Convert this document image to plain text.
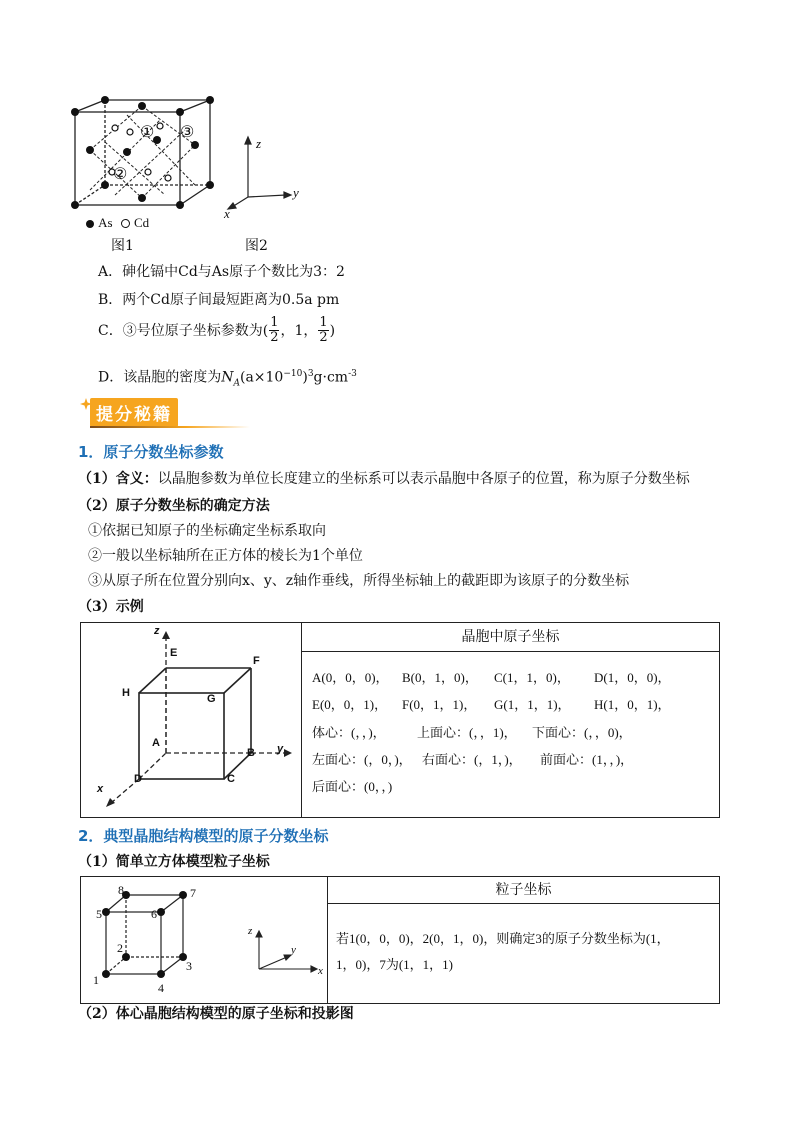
① ③
②
As Cd
图1
z
y
x
图2
A．砷化镉中Cd与As原子个数比为3：2
B．两个Cd原子间最短距离为0.5a pm
C．③号位原子坐标参数为( $\frac{1}{2}$ ，1， $\frac{1}{2}$ )
D．该晶胞的密度为$N_A(a\times 10^{-10})^3g\cdot cm^{-3}$
提分秘籍
1．原子分数坐标参数
（1）含义：以晶胞参数为单位长度建立的坐标系可以表示晶胞中各原子的位置，称为原子分数坐标
（2）原子分数坐标的确定方法
①依据已知原子的坐标确定坐标系取向
②一般以坐标轴所在正方体的棱长为1个单位
③从原子所在位置分别向x、y、z轴作垂线，所得坐标轴上的截距即为该原子的分数坐标
（3）示例
z
y
x
E
F
H	G
A
B
D	C

晶胞中原子坐标

A(0，0，0)， B(0，1，0)， C(1，1，0)， D(1，0，0)，
E(0，0，1)， F(0，1，1)， G(1，1，1)， H(1，0，1)，
体心：(，，)， 上面心：(，，1)， 下面心：(，，0)，
左面心：(，0，)， 右面心：(，1，)， 前面心：(1，，)，
后面心：(0，，)
2．典型晶胞结构模型的原子分数坐标
（1）简单立方体模型粒子坐标
1
2
3
4
5	6
7
8
z
y
x

粒子坐标

若1(0，0，0)，2(0，1，0)，则确定3的原子分数坐标为(1，
1，0)，7为(1，1，1)
（2）体心晶胞结构模型的原子坐标和投影图
